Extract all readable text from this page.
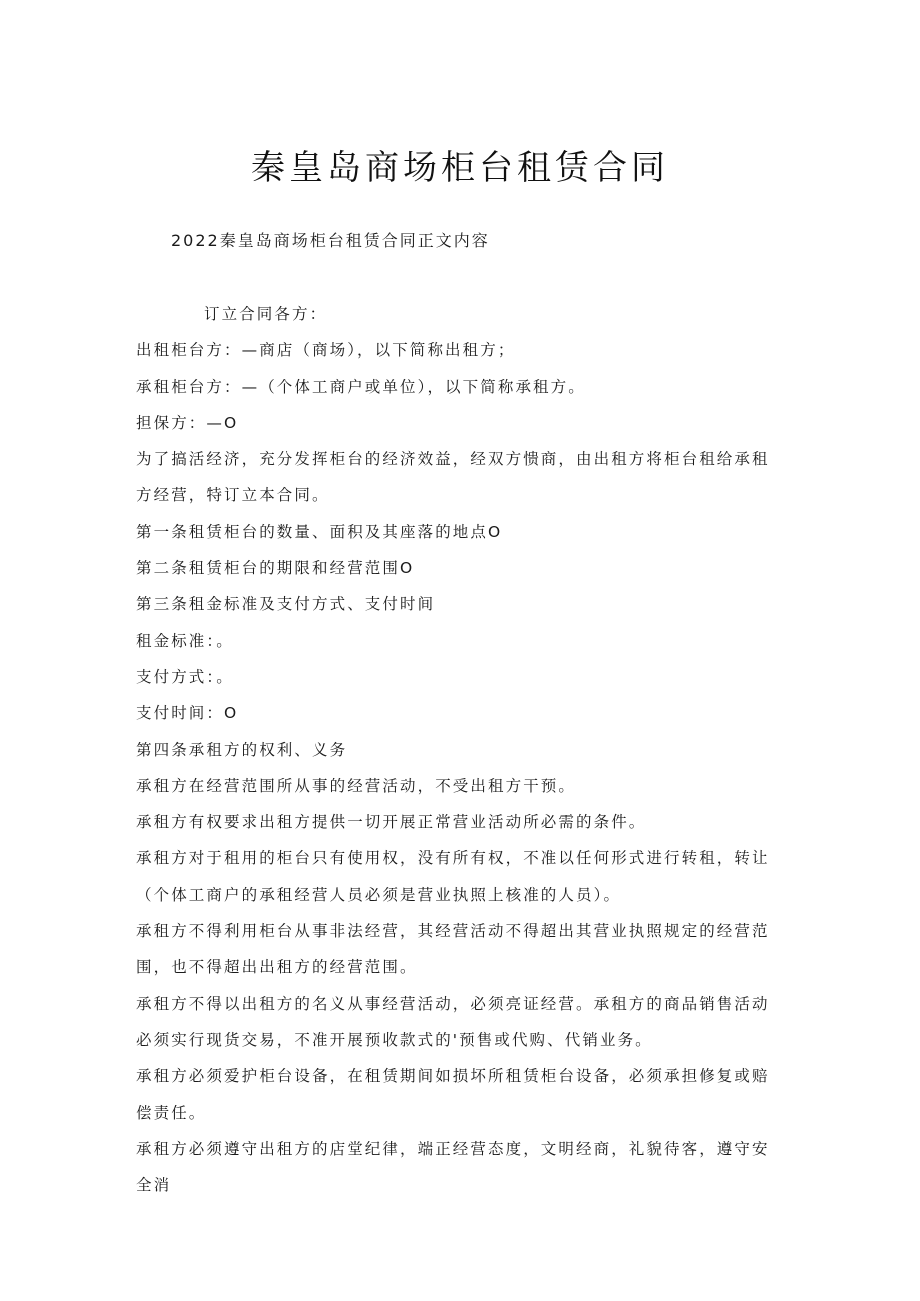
秦皇岛商场柜台租赁合同
2022秦皇岛商场柜台租赁合同正文内容

订立合同各方：

出租柜台方：—商店（商场），以下简称出租方；

承租柜台方：—（个体工商户或单位），以下简称承租方。

担保方：—O

为了搞活经济，充分发挥柜台的经济效益，经双方愦商，由出租方将柜台租给承租方经营，特订立本合同。

第一条租赁柜台的数量、面积及其座落的地点O

第二条租赁柜台的期限和经营范围O

第三条租金标准及支付方式、支付时间

租金标准：。

支付方式：。

支付时间：O

第四条承租方的权利、义务

承租方在经营范围所从事的经营活动，不受出租方干预。

承租方有权要求出租方提供一切开展正常营业活动所必需的条件。

承租方对于租用的柜台只有使用权，没有所有权，不准以任何形式进行转租，转让（个体工商户的承租经营人员必须是营业执照上核准的人员）。

承租方不得利用柜台从事非法经营，其经营活动不得超出其营业执照规定的经营范围，也不得超出出租方的经营范围。

承租方不得以出租方的名义从事经营活动，必须亮证经营。承租方的商品销售活动必须实行现货交易，不准开展预收款式的'预售或代购、代销业务。

承租方必须爱护柜台设备，在租赁期间如损坏所租赁柜台设备，必须承担修复或赔偿责任。

承租方必须遵守出租方的店堂纪律，端正经营态度，文明经商，礼貌待客，遵守安全消
